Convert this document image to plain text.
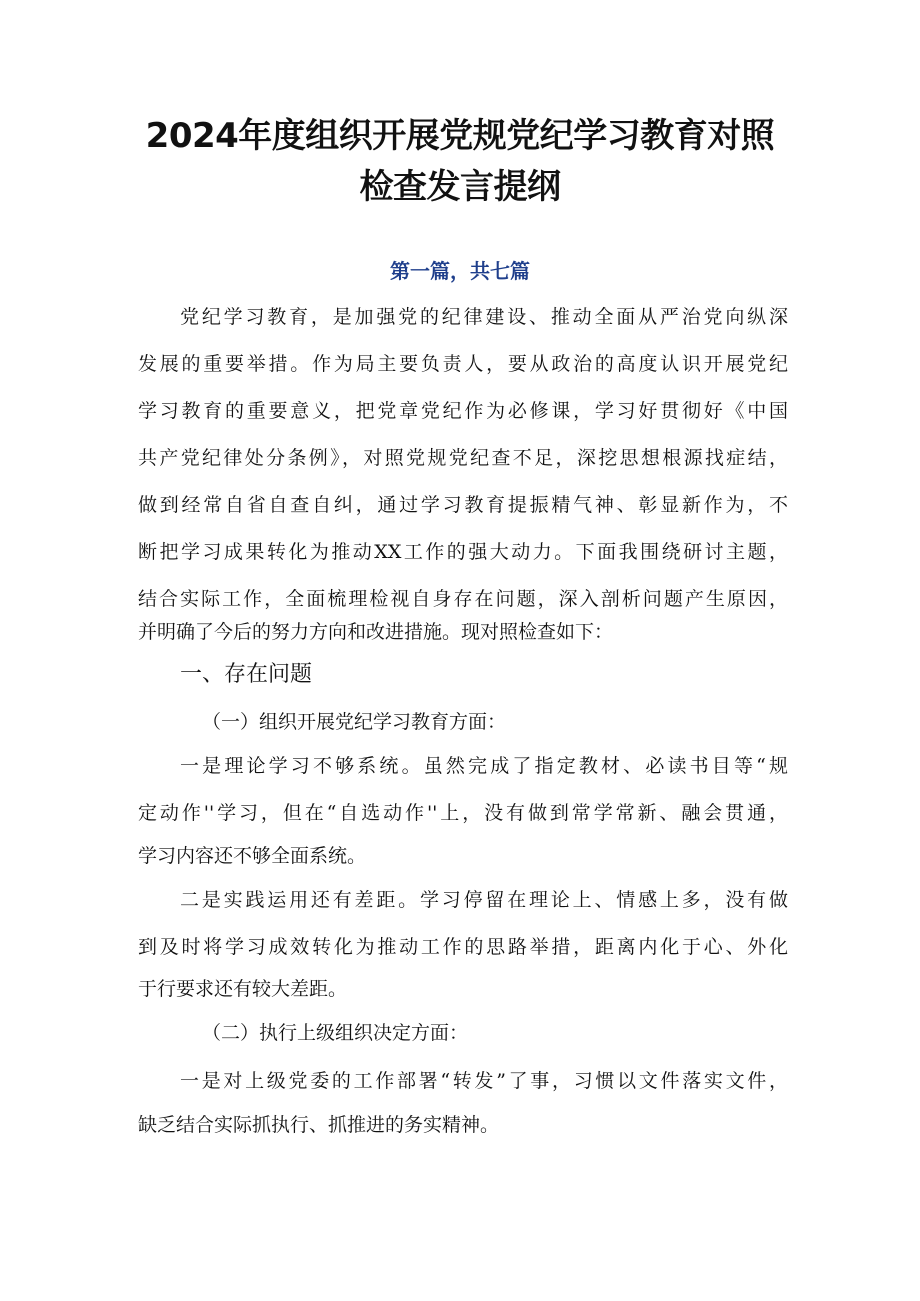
2024年度组织开展党规党纪学习教育对照
检查发言提纲
第一篇，共七篇
党纪学习教育，是加强党的纪律建设、推动全面从严治党向纵深
发展的重要举措。作为局主要负责人，要从政治的高度认识开展党纪
学习教育的重要意义，把党章党纪作为必修课，学习好贯彻好《中国
共产党纪律处分条例》，对照党规党纪查不足，深挖思想根源找症结，
做到经常自省自查自纠，通过学习教育提振精气神、彰显新作为，不
断把学习成果转化为推动XX工作的强大动力。下面我围绕研讨主题，
结合实际工作，全面梳理检视自身存在问题，深入剖析问题产生原因，
并明确了今后的努力方向和改进措施。现对照检查如下：
一、存在问题
（一）组织开展党纪学习教育方面：
一是理论学习不够系统。虽然完成了指定教材、必读书目等“规
定动作''学习，但在“自选动作''上，没有做到常学常新、融会贯通，
学习内容还不够全面系统。
二是实践运用还有差距。学习停留在理论上、情感上多，没有做
到及时将学习成效转化为推动工作的思路举措，距离内化于心、外化
于行要求还有较大差距。
（二）执行上级组织决定方面：
一是对上级党委的工作部署“转发”了事，习惯以文件落实文件，
缺乏结合实际抓执行、抓推进的务实精神。
